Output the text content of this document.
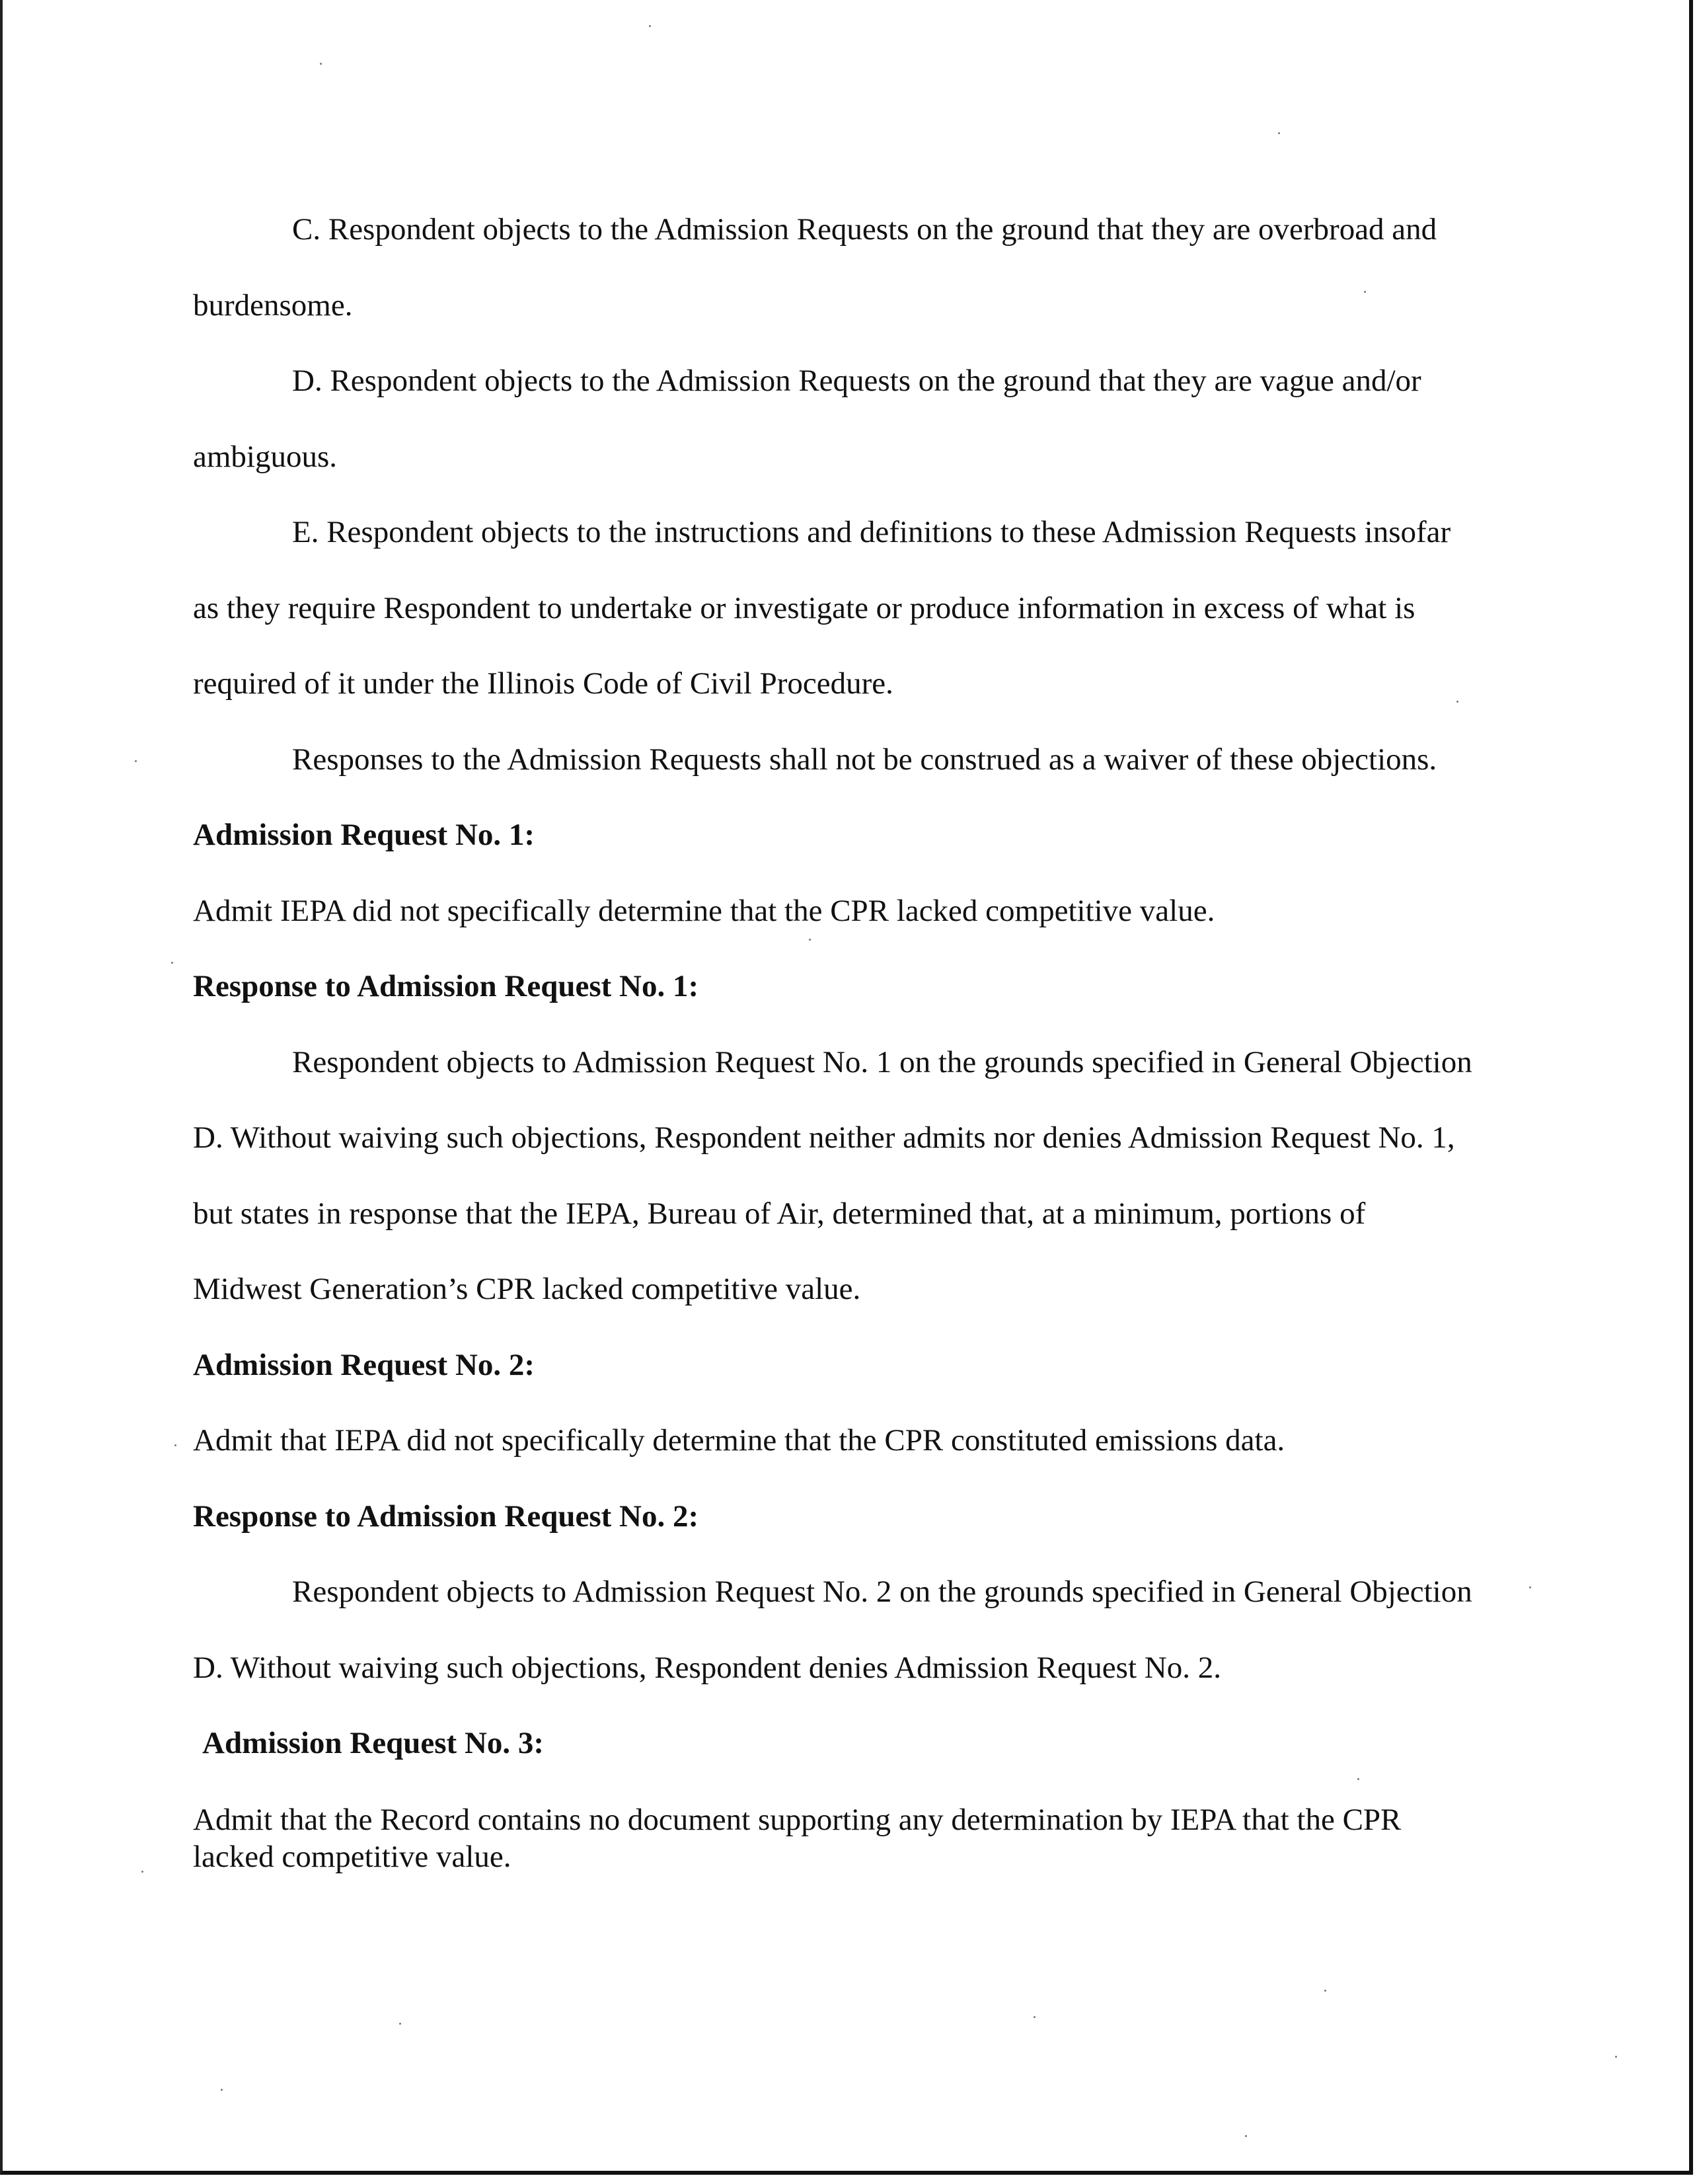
C. Respondent objects to the Admission Requests on the ground that they are overbroad and burdensome.

D. Respondent objects to the Admission Requests on the ground that they are vague and/or ambiguous.

E. Respondent objects to the instructions and definitions to these Admission Requests insofar as they require Respondent to undertake or investigate or produce information in excess of what is required of it under the Illinois Code of Civil Procedure.

Responses to the Admission Requests shall not be construed as a waiver of these objections.

Admission Request No. 1:

Admit IEPA did not specifically determine that the CPR lacked competitive value.

Response to Admission Request No. 1:

Respondent objects to Admission Request No. 1 on the grounds specified in General Objection D. Without waiving such objections, Respondent neither admits nor denies Admission Request No. 1, but states in response that the IEPA, Bureau of Air, determined that, at a minimum, portions of Midwest Generation’s CPR lacked competitive value.

Admission Request No. 2:

Admit that IEPA did not specifically determine that the CPR constituted emissions data.

Response to Admission Request No. 2:

Respondent objects to Admission Request No. 2 on the grounds specified in General Objection D. Without waiving such objections, Respondent denies Admission Request No. 2.

Admission Request No. 3:

Admit that the Record contains no document supporting any determination by IEPA that the CPR lacked competitive value.
